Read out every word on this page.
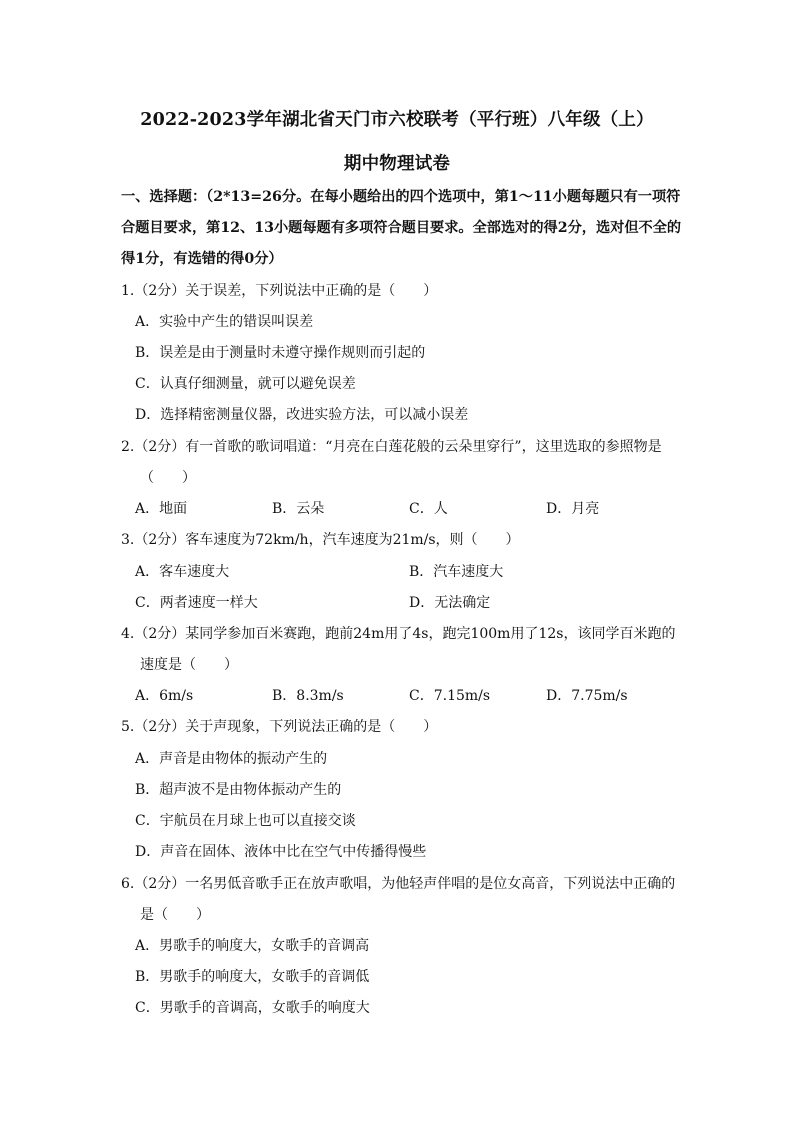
2022-2023学年湖北省天门市六校联考（平行班）八年级（上）
期中物理试卷
一、选择题：（2*13=26分。在每小题给出的四个选项中，第1～11小题每题只有一项符
合题目要求，第12、13小题每题有多项符合题目要求。全部选对的得2分，选对但不全的
得1分，有选错的得0分）
1.（2分）关于误差，下列说法中正确的是（　　）
A．实验中产生的错误叫误差
B．误差是由于测量时未遵守操作规则而引起的
C．认真仔细测量，就可以避免误差
D．选择精密测量仪器，改进实验方法，可以减小误差
2.（2分）有一首歌的歌词唱道：“月亮在白莲花般的云朵里穿行”，这里选取的参照物是
（　　）
A．地面	B．云朵	C．人	D．月亮
3.（2分）客车速度为72km/h，汽车速度为21m/s，则（　　）
A．客车速度大	B．汽车速度大
C．两者速度一样大	D．无法确定
4.（2分）某同学参加百米赛跑，跑前24m用了4s，跑完100m用了12s，该同学百米跑的
速度是（　　）
A．6m/s	B．8.3m/s	C．7.15m/s	D．7.75m/s
5.（2分）关于声现象，下列说法正确的是（　　）
A．声音是由物体的振动产生的
B．超声波不是由物体振动产生的
C．宇航员在月球上也可以直接交谈
D．声音在固体、液体中比在空气中传播得慢些
6.（2分）一名男低音歌手正在放声歌唱，为他轻声伴唱的是位女高音，下列说法中正确的
是（　　）
A．男歌手的响度大，女歌手的音调高
B．男歌手的响度大，女歌手的音调低
C．男歌手的音调高，女歌手的响度大
